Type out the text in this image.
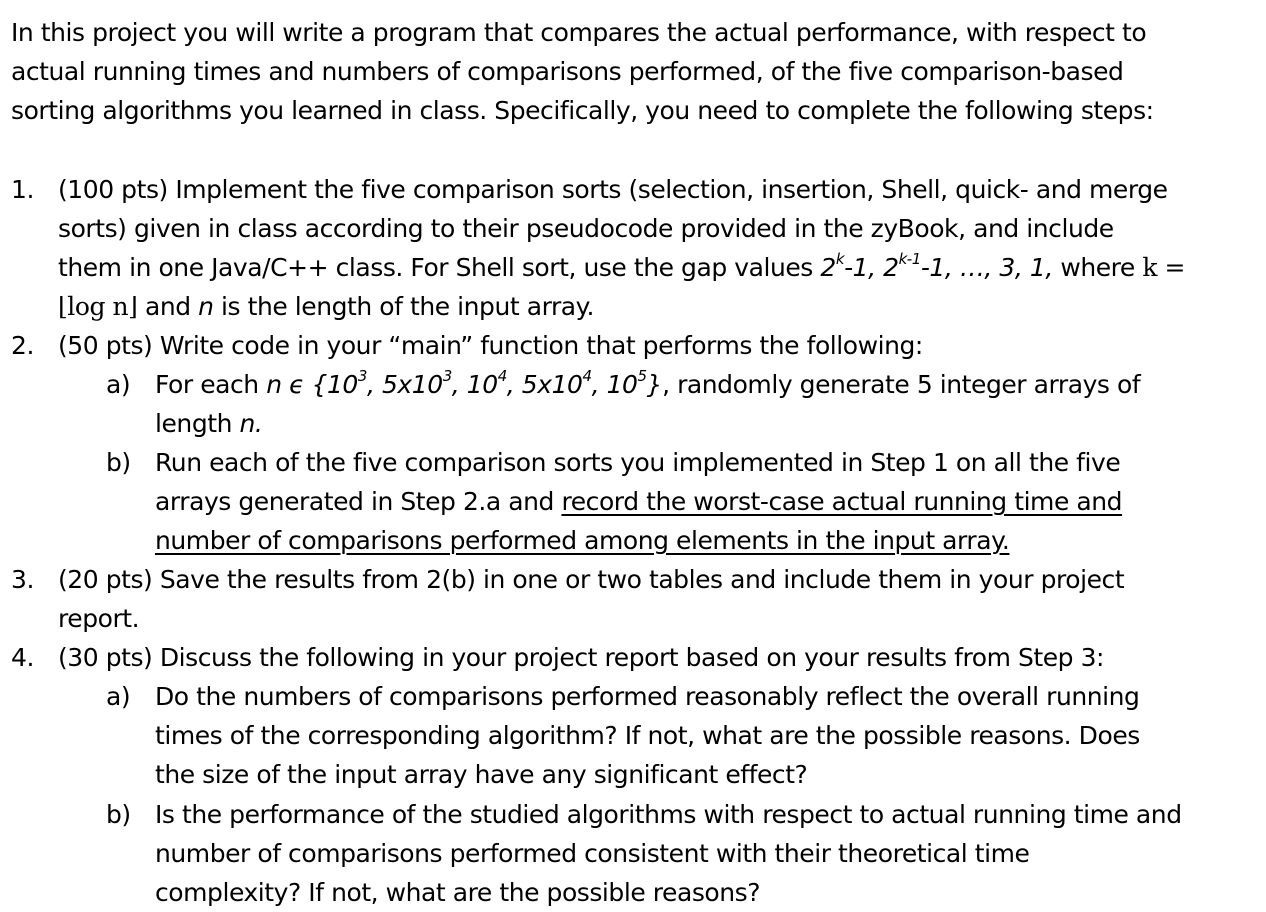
In this project you will write a program that compares the actual performance, with respect to
actual running times and numbers of comparisons performed, of the five comparison-based
sorting algorithms you learned in class. Specifically, you need to complete the following steps:
1. (100 pts) Implement the five comparison sorts (selection, insertion, Shell, quick- and merge
sorts) given in class according to their pseudocode provided in the zyBook, and include
them in one Java/C++ class. For Shell sort, use the gap values 2$^k$-1, 2$^{k-1}$-1, …, 3, 1, where k =
⌊log n⌋ and n is the length of the input array.
2. (50 pts) Write code in your “main” function that performs the following:
a) For each n ϵ {$10^3$, $5x10^3$, $10^4$, $5x10^4$, $10^5$}, randomly generate 5 integer arrays of
length n.
b) Run each of the five comparison sorts you implemented in Step 1 on all the five
arrays generated in Step 2.a and record the worst-case actual running time and
number of comparisons performed among elements in the input array.
3. (20 pts) Save the results from 2(b) in one or two tables and include them in your project
report.
4. (30 pts) Discuss the following in your project report based on your results from Step 3:
a) Do the numbers of comparisons performed reasonably reflect the overall running
times of the corresponding algorithm? If not, what are the possible reasons. Does
the size of the input array have any significant effect?
b) Is the performance of the studied algorithms with respect to actual running time and
number of comparisons performed consistent with their theoretical time
complexity? If not, what are the possible reasons?
